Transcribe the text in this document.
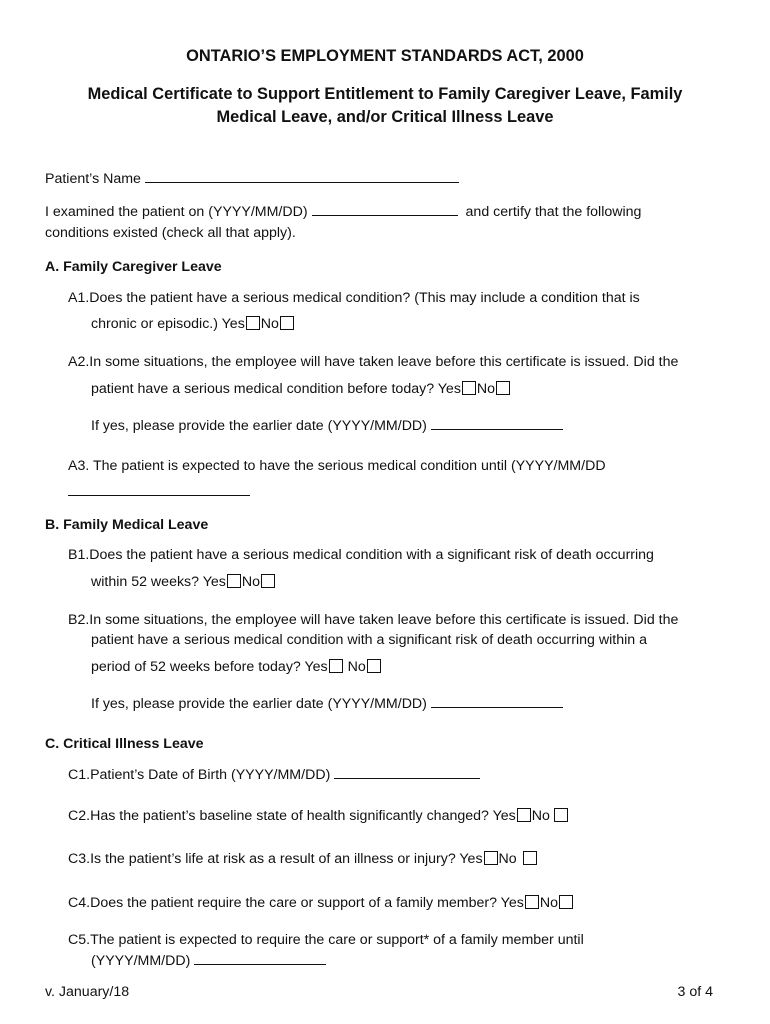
ONTARIO’S EMPLOYMENT STANDARDS ACT, 2000
Medical Certificate to Support Entitlement to Family Caregiver Leave, Family
Medical Leave, and/or Critical Illness Leave
Patient’s Name
I examined the patient on (YYYY/MM/DD)	and certify that the following
conditions existed (check all that apply).
A. Family Caregiver Leave
A1.Does the patient have a serious medical condition? (This may include a condition that is
chronic or episodic.) Yes No
A2.In some situations, the employee will have taken leave before this certificate is issued. Did the
patient have a serious medical condition before today? Yes No
If yes, please provide the earlier date (YYYY/MM/DD)
A3. The patient is expected to have the serious medical condition until (YYYY/MM/DD
B. Family Medical Leave
B1.Does the patient have a serious medical condition with a significant risk of death occurring
within 52 weeks? Yes No
B2.In some situations, the employee will have taken leave before this certificate is issued. Did the
patient have a serious medical condition with a significant risk of death occurring within a
period of 52 weeks before today? Yes No
If yes, please provide the earlier date (YYYY/MM/DD)
C. Critical Illness Leave
C1.Patient’s Date of Birth (YYYY/MM/DD)
C2.Has the patient’s baseline state of health significantly changed? Yes No
C3.Is the patient’s life at risk as a result of an illness or injury? Yes No
C4.Does the patient require the care or support of a family member? Yes No
C5.The patient is expected to require the care or support* of a family member until
(YYYY/MM/DD)
v. January/18	3 of 4
